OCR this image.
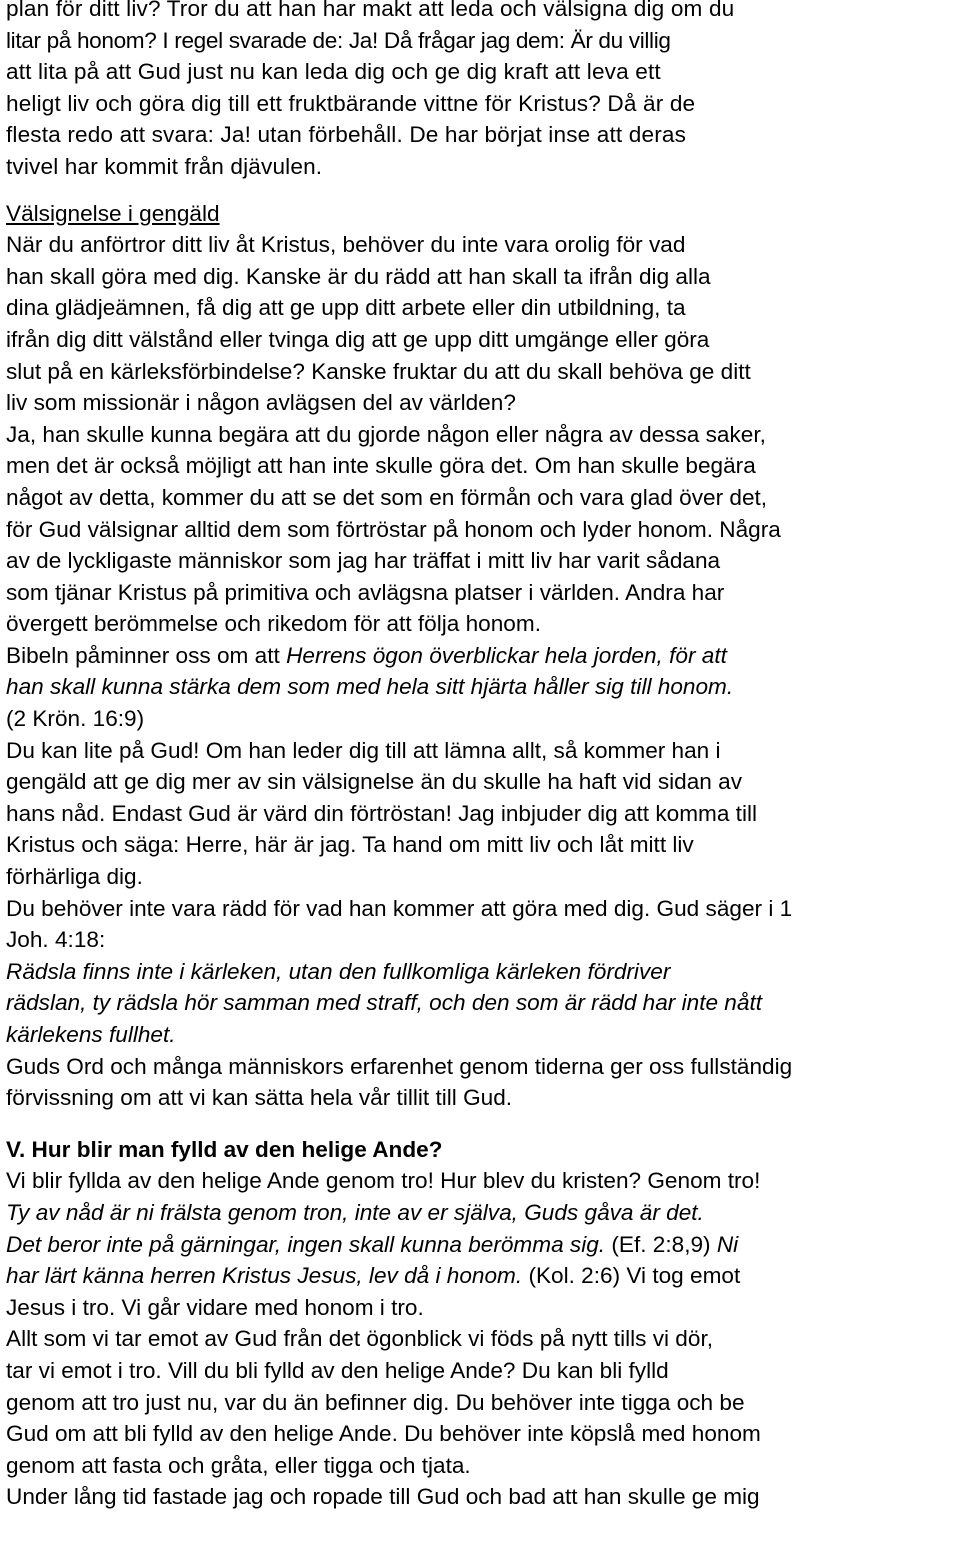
plan för ditt liv? Tror du att han har makt att leda och välsigna dig om du
litar på honom? I regel svarade de: Ja! Då frågar jag dem: Är du villig
att lita på att Gud just nu kan leda dig och ge dig kraft att leva ett
heligt liv och göra dig till ett fruktbärande vittne för Kristus? Då är de
flesta redo att svara: Ja! utan förbehåll. De har börjat inse att deras
tvivel har kommit från djävulen.
Välsignelse i gengäld
När du anförtror ditt liv åt Kristus, behöver du inte vara orolig för vad
han skall göra med dig. Kanske är du rädd att han skall ta ifrån dig alla
dina glädjeämnen, få dig att ge upp ditt arbete eller din utbildning, ta
ifrån dig ditt välstånd eller tvinga dig att ge upp ditt umgänge eller göra
slut på en kärleksförbindelse? Kanske fruktar du att du skall behöva ge ditt
liv som missionär i någon avlägsen del av världen?
Ja, han skulle kunna begära att du gjorde någon eller några av dessa saker,
men det är också möjligt att han inte skulle göra det. Om han skulle begära
något av detta, kommer du att se det som en förmån och vara glad över det,
för Gud välsignar alltid dem som förtröstar på honom och lyder honom. Några
av de lyckligaste människor som jag har träffat i mitt liv har varit sådana
som tjänar Kristus på primitiva och avlägsna platser i världen. Andra har
övergett berömmelse och rikedom för att följa honom.
Bibeln påminner oss om att Herrens ögon överblickar hela jorden, för att
han skall kunna stärka dem som med hela sitt hjärta håller sig till honom.
(2 Krön. 16:9)
Du kan lite på Gud! Om han leder dig till att lämna allt, så kommer han i
gengäld att ge dig mer av sin välsignelse än du skulle ha haft vid sidan av
hans nåd. Endast Gud är värd din förtröstan! Jag inbjuder dig att komma till
Kristus och säga: Herre, här är jag. Ta hand om mitt liv och låt mitt liv
förhärliga dig.
Du behöver inte vara rädd för vad han kommer att göra med dig. Gud säger i 1
Joh. 4:18:
Rädsla finns inte i kärleken, utan den fullkomliga kärleken fördriver
rädslan, ty rädsla hör samman med straff, och den som är rädd har inte nått
kärlekens fullhet.
Guds Ord och många människors erfarenhet genom tiderna ger oss fullständig
förvissning om att vi kan sätta hela vår tillit till Gud.
V. Hur blir man fylld av den helige Ande?
Vi blir fyllda av den helige Ande genom tro! Hur blev du kristen? Genom tro!
Ty av nåd är ni frälsta genom tron, inte av er själva, Guds gåva är det.
Det beror inte på gärningar, ingen skall kunna berömma sig. (Ef. 2:8,9) Ni
har lärt känna herren Kristus Jesus, lev då i honom. (Kol. 2:6) Vi tog emot
Jesus i tro. Vi går vidare med honom i tro.
Allt som vi tar emot av Gud från det ögonblick vi föds på nytt tills vi dör,
tar vi emot i tro. Vill du bli fylld av den helige Ande? Du kan bli fylld
genom att tro just nu, var du än befinner dig. Du behöver inte tigga och be
Gud om att bli fylld av den helige Ande. Du behöver inte köpslå med honom
genom att fasta och gråta, eller tigga och tjata.
Under lång tid fastade jag och ropade till Gud och bad att han skulle ge mig
